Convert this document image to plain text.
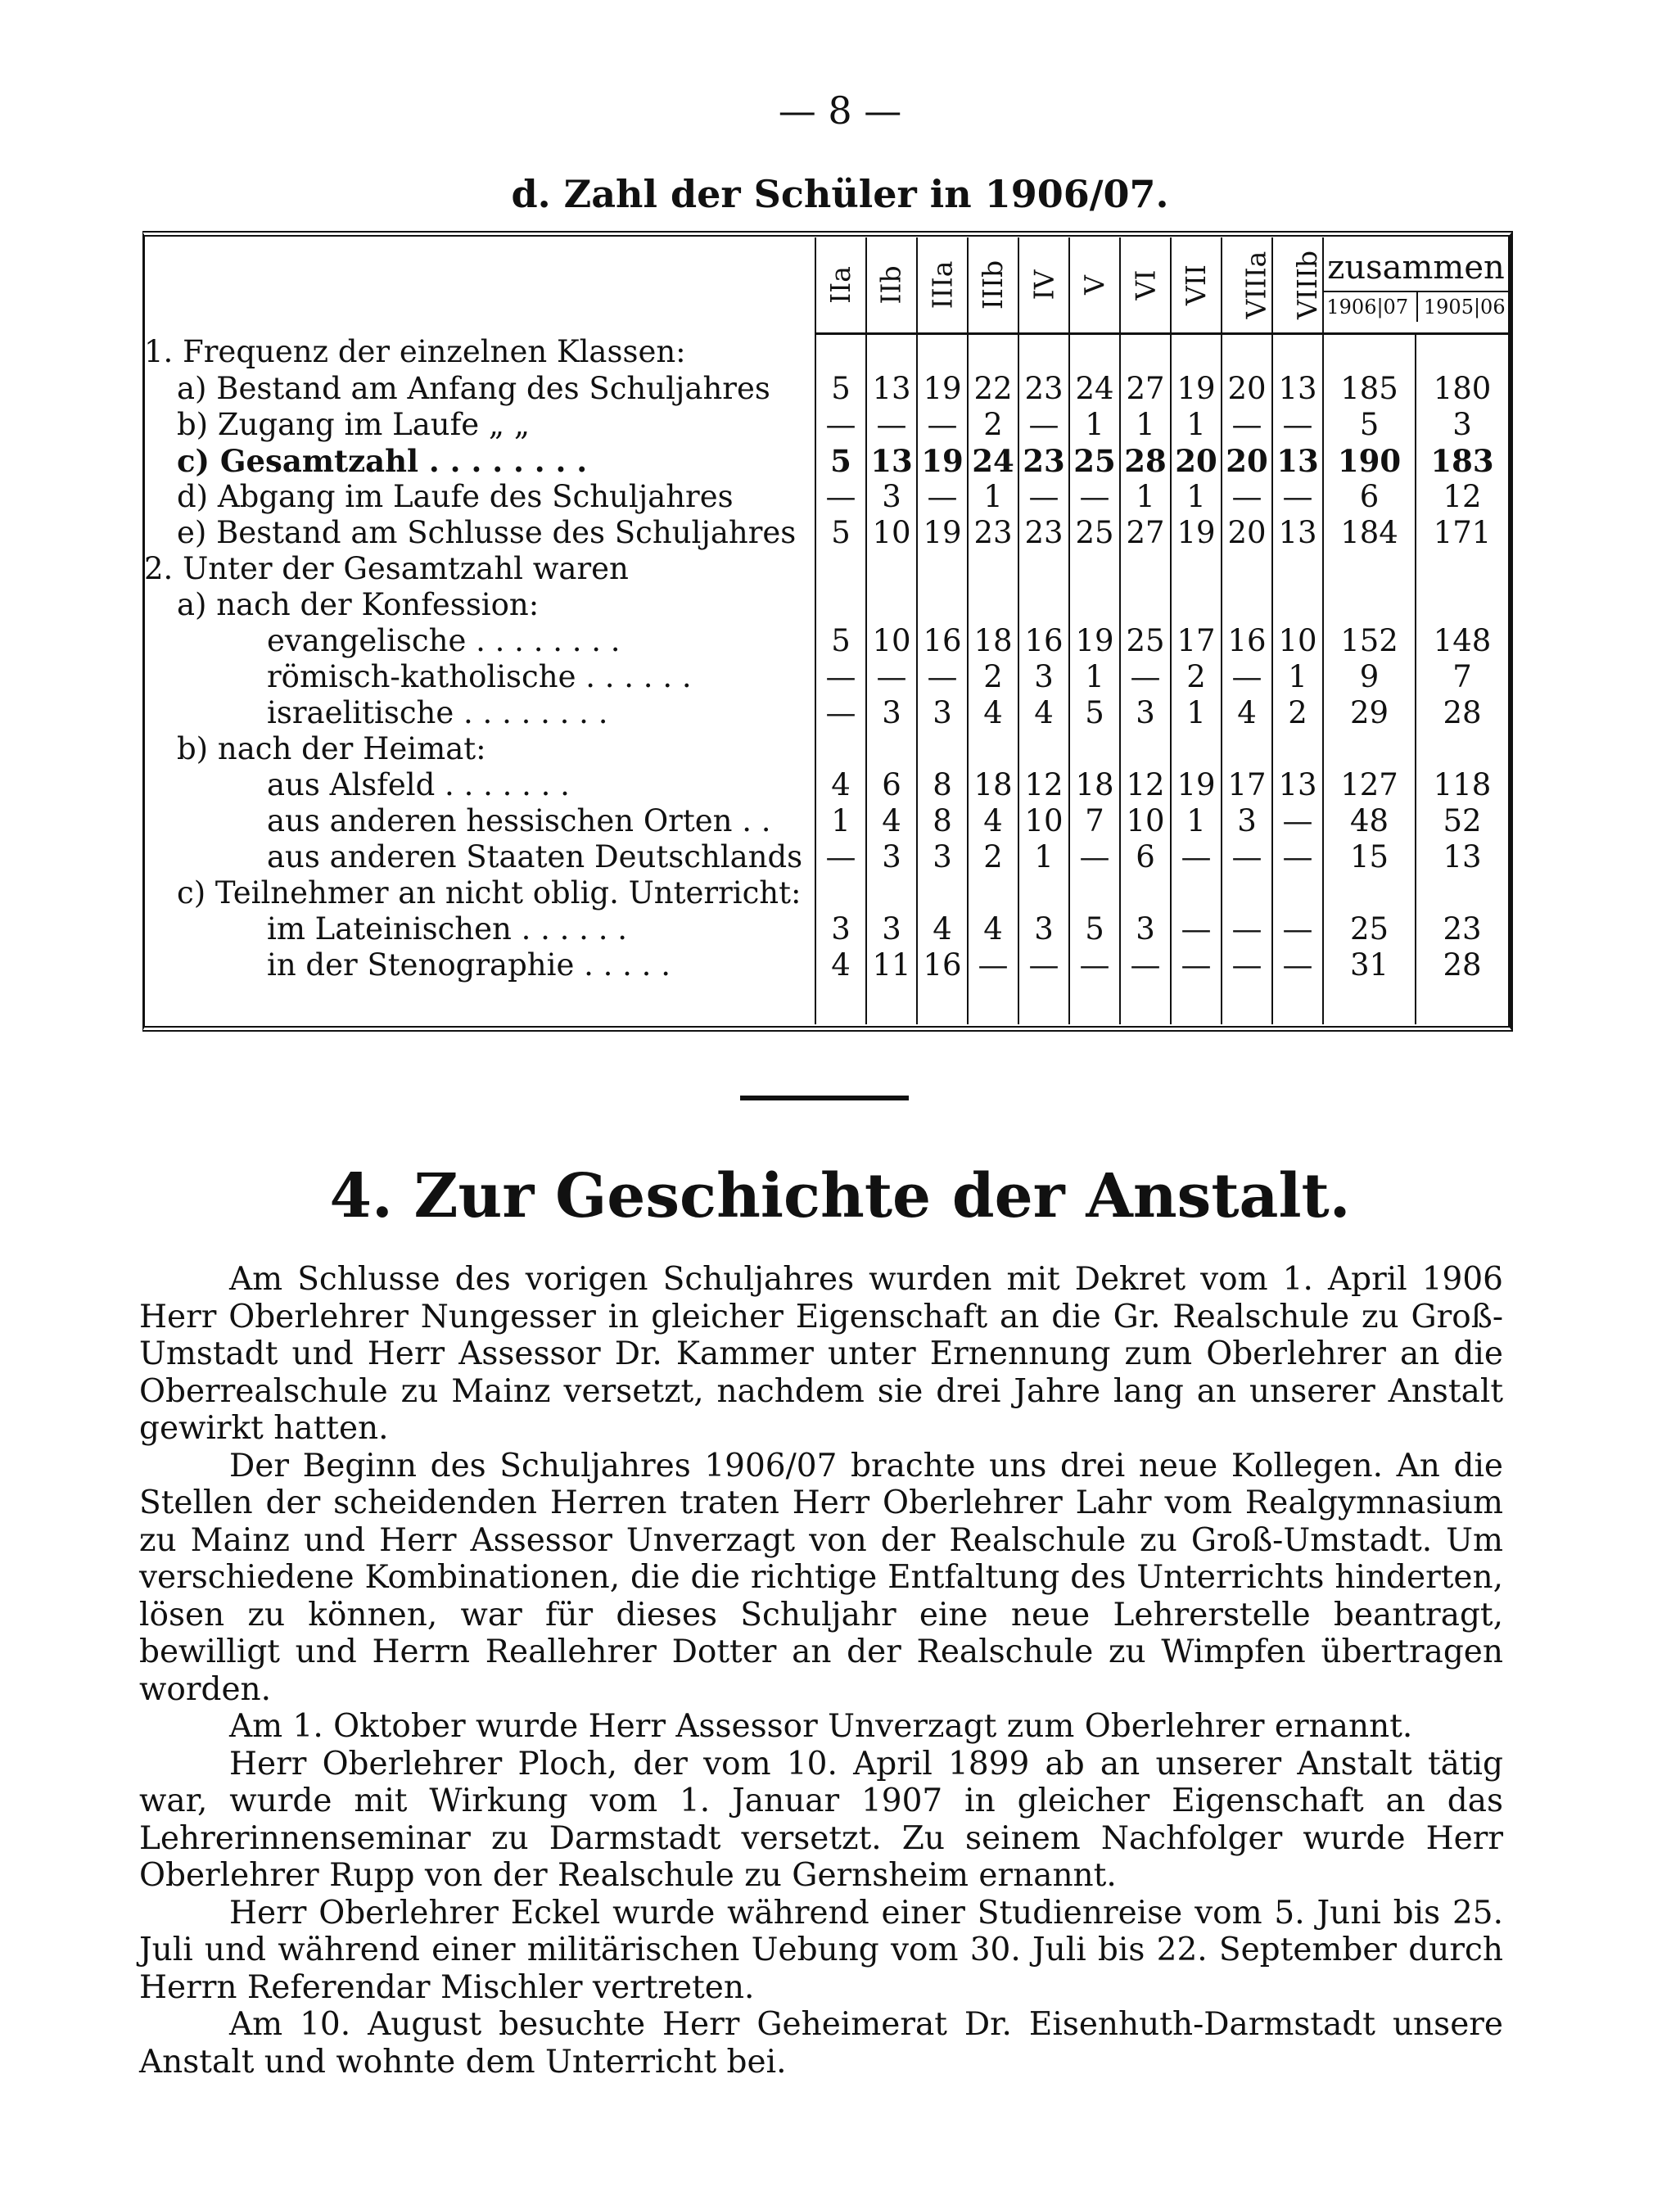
— 8 —
d. Zahl der Schüler in 1906/07.
	IIa	IIb	IIIa	IIIb	IV	V	VI	VII	VIIIa	VIIIb	zusammen
1906|07 1905|06	

1. Frequenz der einzelnen Klassen:												
a) Bestand am Anfang des Schuljahres	5	13	19	22	23	24	27	19	20	13	185	180
b) Zugang im Laufe „ „	—	—	—	2	—	1	1	1	—	—	5	3
c) Gesamtzahl . . . . . . . .	5	13	19	24	23	25	28	20	20	13	190	183
d) Abgang im Laufe des Schuljahres	—	3	—	1	—	—	1	1	—	—	6	12
e) Bestand am Schlusse des Schuljahres	5	10	19	23	23	25	27	19	20	13	184	171
2. Unter der Gesamtzahl waren												
a) nach der Konfession:												
evangelische . . . . . . . .	5	10	16	18	16	19	25	17	16	10	152	148
römisch-katholische . . . . . .	—	—	—	2	3	1	—	2	—	1	9	7
israelitische . . . . . . . .	—	3	3	4	4	5	3	1	4	2	29	28
b) nach der Heimat:												
aus Alsfeld . . . . . . .	4	6	8	18	12	18	12	19	17	13	127	118
aus anderen hessischen Orten . .	1	4	8	4	10	7	10	1	3	—	48	52
aus anderen Staaten Deutschlands	—	3	3	2	1	—	6	—	—	—	15	13
c) Teilnehmer an nicht oblig. Unterricht:												
im Lateinischen . . . . . .	3	3	4	4	3	5	3	—	—	—	25	23
in der Stenographie . . . . .	4	11	16	—	—	—	—	—	—	—	31	28

4. Zur Geschichte der Anstalt.

Am Schlusse des vorigen Schuljahres wurden mit Dekret vom 1. April 1906 Herr Oberlehrer Nungesser in gleicher Eigenschaft an die Gr. Realschule zu Groß-Umstadt und Herr Assessor Dr. Kammer unter Ernennung zum Oberlehrer an die Oberrealschule zu Mainz versetzt, nachdem sie drei Jahre lang an unserer Anstalt gewirkt hatten.

Der Beginn des Schuljahres 1906/07 brachte uns drei neue Kollegen. An die Stellen der scheidenden Herren traten Herr Oberlehrer Lahr vom Realgymnasium zu Mainz und Herr Assessor Unverzagt von der Realschule zu Groß-Umstadt. Um verschiedene Kombinationen, die die richtige Entfaltung des Unterrichts hinderten, lösen zu können, war für dieses Schuljahr eine neue Lehrerstelle beantragt, bewilligt und Herrn Reallehrer Dotter an der Realschule zu Wimpfen übertragen worden.

Am 1. Oktober wurde Herr Assessor Unverzagt zum Oberlehrer ernannt.

Herr Oberlehrer Ploch, der vom 10. April 1899 ab an unserer Anstalt tätig war, wurde mit Wirkung vom 1. Januar 1907 in gleicher Eigenschaft an das Lehrerinnenseminar zu Darmstadt versetzt. Zu seinem Nachfolger wurde Herr Oberlehrer Rupp von der Realschule zu Gernsheim ernannt.

Herr Oberlehrer Eckel wurde während einer Studienreise vom 5. Juni bis 25. Juli und während einer militärischen Uebung vom 30. Juli bis 22. September durch Herrn Referendar Mischler vertreten.

Am 10. August besuchte Herr Geheimerat Dr. Eisenhuth-Darmstadt unsere Anstalt und wohnte dem Unterricht bei.
